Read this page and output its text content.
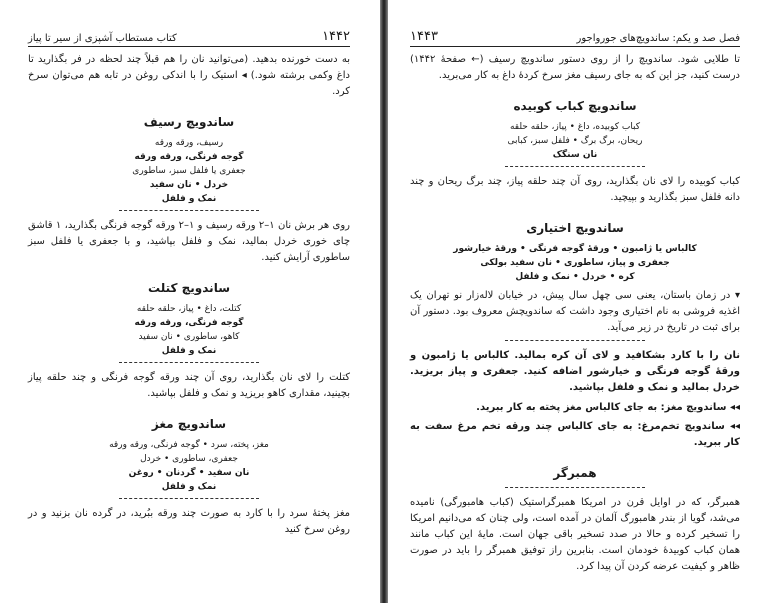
۱۴۴۲
کتاب مستطاب آشپزی از سیر تا پیاز

به دست خورنده بدهید. (می‌توانید نان را هم قبلاً چند لحظه در فر بگذارید تا داغ وکمی برشته شود.) ◂ استیک را با اندکی روغن در تابه هم می‌توان سرخ کرد.

ساندویچ رسیف
رسیف، ورقه ورقه
گوجه فرنگی، ورقه ورقه
جعفری یا فلفل سبز، ساطوری
خردل • نان سفید
نمک و فلفل

روی هر برش نان ۱–۲ ورقه رسیف و ۱–۲ ورقه گوجه فرنگی بگذارید، ۱ قاشق چای خوری خردل بمالید، نمک و فلفل بپاشید، و با جعفری یا فلفل سبز ساطوری آرایش کنید.

ساندویچ کتلت
کتلت، داغ • پیاز، حلقه حلقه
گوجه فرنگی، ورقه ورقه
کاهو، ساطوری • نان سفید
نمک و فلفل

کتلت را لای نان بگذارید، روی آن چند ورقه گوجه فرنگی و چند حلقه پیاز بچینید، مقداری کاهو بریزید و نمک و فلفل بپاشید.

ساندویچ مغز
مغز، پخته، سرد • گوجه فرنگی، ورقه ورقه
جعفری، ساطوری • خردل
نان سفید • گردنان • روغن
نمک و فلفل

مغز پختهٔ سرد را با کارد به صورت چند ورقه ببُرید، در گرده نان بزنید و در روغن سرخ کنید

فصل صد و یکم: ساندویچ‌های جوروا‌جور
۱۴۴۳

تا طلایی شود. ساندویچ را از روی دستور ساندویچ رسیف (← صفحهٔ ۱۴۴۲) درست کنید، جز این که به جای رسیف مغز سرخ کردهٔ داغ به کار می‌برید.

ساندویچ کباب کوبیده
کباب کوبیده، داغ • پیاز، حلقه حلقه
ریحان، برگ برگ • فلفل سبز، کبابی
نان سنگک

کباب کوبیده را لای نان بگذارید، روی آن چند حلقه پیاز، چند برگ ریحان و چند دانه فلفل سبز بگذارید و بپیچید.

ساندویچ اختیاری
کالباس یا ژامبون • ورقهٔ گوجه فرنگی • ورقهٔ خیارشور
جعفری و پیاز، ساطوری • نان سفید بولکی
کره • خردل • نمک و فلفل

▾ در زمان باستان، یعنی سی چهل سال پیش، در خیابان لاله‌زار نو تهران یک اغذیه فروشی به نام اختیاری وجود داشت که ساندویچش معروف بود. دستور آن برای ثبت در تاریخ در زیر می‌آید.

نان را با کارد بشکافید و لای آن کره بمالید. کالباس یا ژامبون و ورقهٔ گوجه فرنگی و خیارشور اضافه کنید. جعفری و پیاز بریزید. خردل بمالید و نمک و فلفل بپاشید.

◂◂ ساندویچ مغز: به جای کالباس مغز پخته به کار ببرید.

◂◂ ساندویچ تخم‌مرغ: به جای کالباس چند ورقه تخم مرغ سفت به کار ببرید.

همبرگر

همبرگر، که در اوایل قرن در امریکا همبرگراستیک (کباب هامبورگی) نامیده می‌شد، گویا از بندر هامبورگ آلمان در آمده است، ولی چنان که می‌دانیم امریکا را تسخیر کرده و حالا در صدد تسخیر باقی جهان است. مایهٔ این کباب مانند همان کباب کوبیدهٔ خودمان است. بنابرین راز توفیق همبرگر را باید در صورت ظاهر و کیفیت عرضه کردن آن پیدا کرد.
